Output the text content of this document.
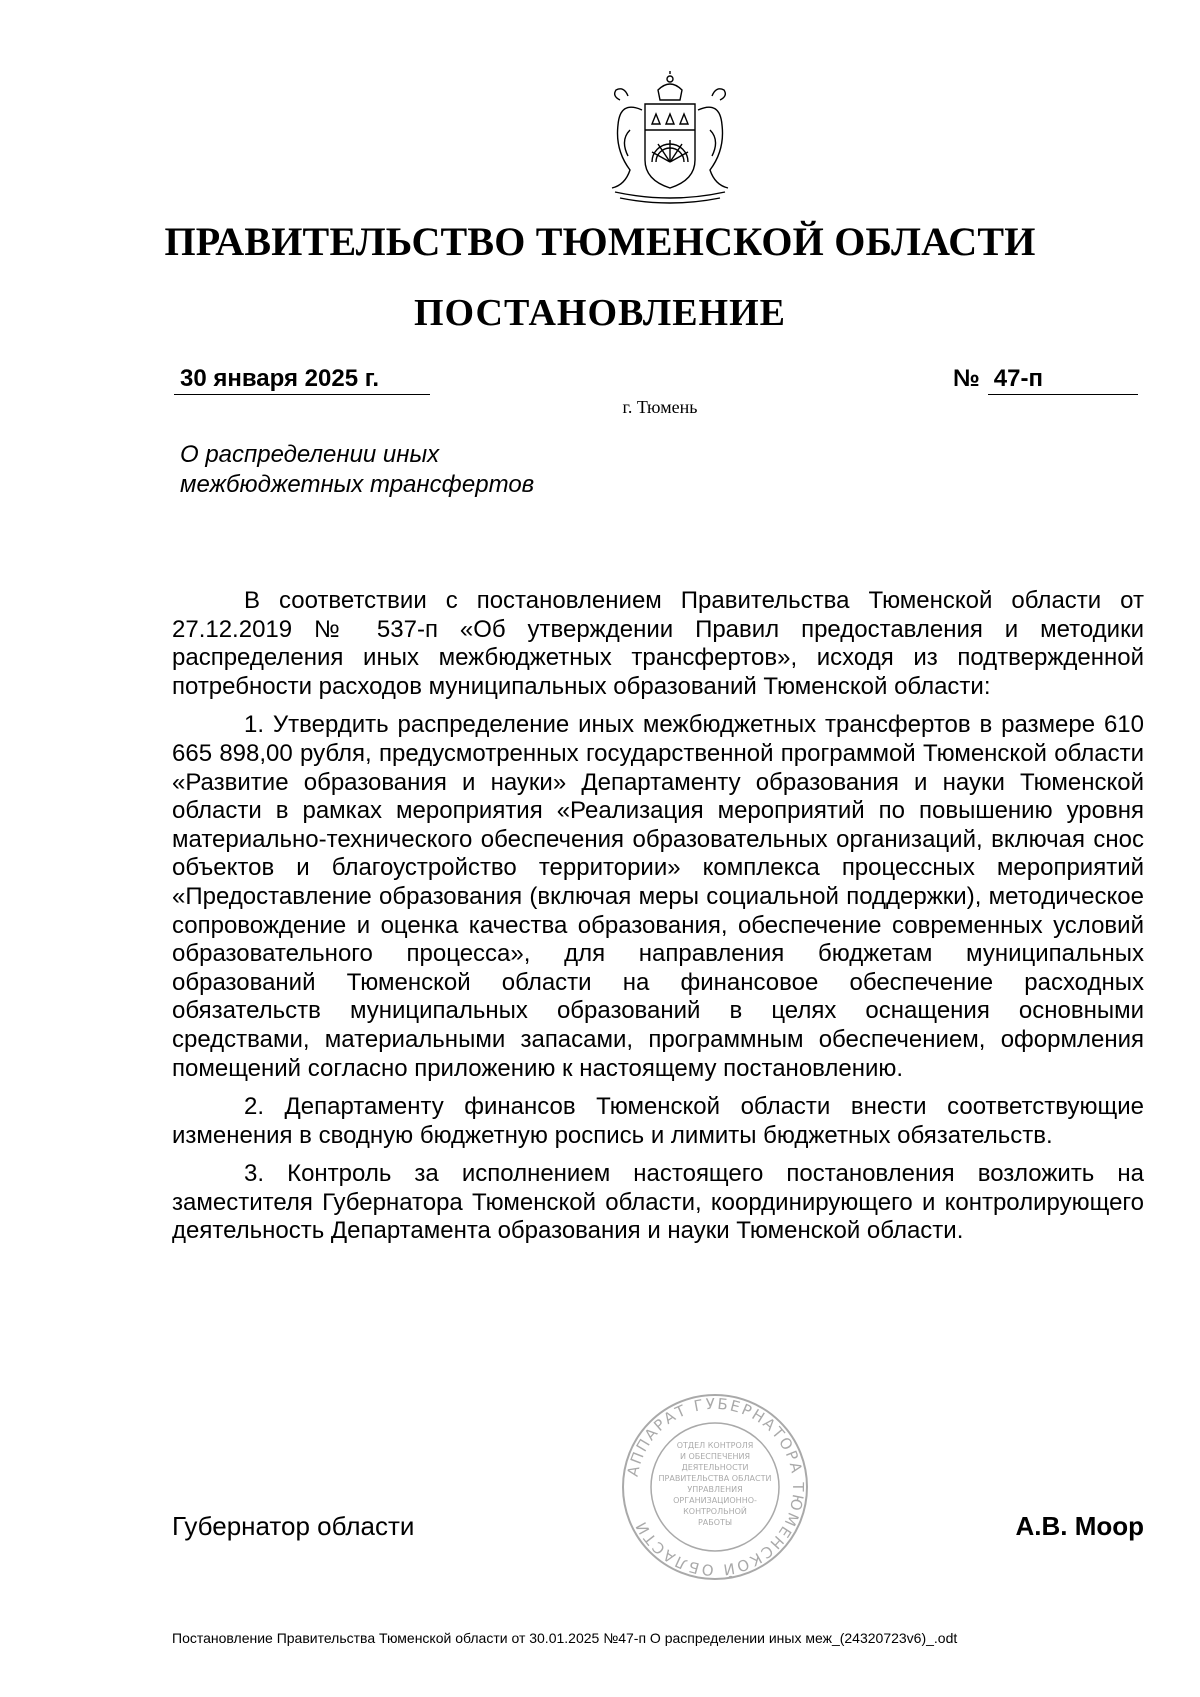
ПРАВИТЕЛЬСТВО ТЮМЕНСКОЙ ОБЛАСТИ
ПОСТАНОВЛЕНИЕ
30 января 2025 г.	№ 47-п
г. Тюмень
О распределении иных
межбюджетных трансфертов

В соответствии с постановлением Правительства Тюменской области от 27.12.2019 № 537-п «Об утверждении Правил предоставления и методики распределения иных межбюджетных трансфертов», исходя из подтвержденной потребности расходов муниципальных образований Тюменской области:

1. Утвердить распределение иных межбюджетных трансфертов в размере 610 665 898,00 рубля, предусмотренных государственной программой Тюменской области «Развитие образования и науки» Департаменту образования и науки Тюменской области в рамках мероприятия «Реализация мероприятий по повышению уровня материально-технического обеспечения образовательных организаций, включая снос объектов и благоустройство территории» комплекса процессных мероприятий «Предоставление образования (включая меры социальной поддержки), методическое сопровождение и оценка качества образования, обеспечение современных условий образовательного процесса», для направления бюджетам муниципальных образований Тюменской области на финансовое обеспечение расходных обязательств муниципальных образований в целях оснащения основными средствами, материальными запасами, программным обеспечением, оформления помещений согласно приложению к настоящему постановлению.

2. Департаменту финансов Тюменской области внести соответствующие изменения в сводную бюджетную роспись и лимиты бюджетных обязательств.

3. Контроль за исполнением настоящего постановления возложить на заместителя Губернатора Тюменской области, координирующего и контролирующего деятельность Департамента образования и науки Тюменской области.

АППАРАТ ГУБЕРНАТОРА ТЮМЕНСКОЙ ОБЛАСТИ
ОТДЕЛ КОНТРОЛЯ
И ОБЕСПЕЧЕНИЯ
ДЕЯТЕЛЬНОСТИ
ПРАВИТЕЛЬСТВА ОБЛАСТИ
УПРАВЛЕНИЯ
ОРГАНИЗАЦИОННО-
КОНТРОЛЬНОЙ
РАБОТЫ
Губернатор области	А.В. Моор
Постановление Правительства Тюменской области от 30.01.2025 №47-п О распределении иных меж_(24320723v6)_.odt
